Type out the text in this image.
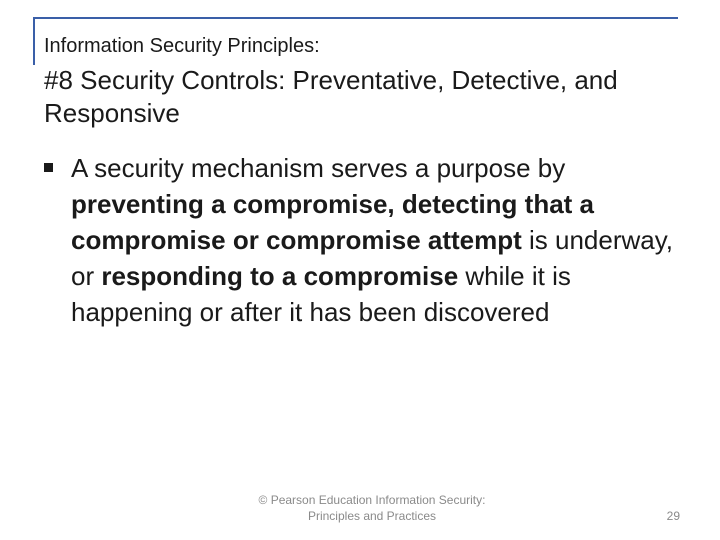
Information Security Principles:
#8 Security Controls: Preventative, Detective, and Responsive
A security mechanism serves a purpose by preventing a compromise, detecting that a compromise or compromise attempt is underway, or responding to a compromise while it is happening or after it has been discovered
© Pearson Education Information Security:
Principles and Practices	29
